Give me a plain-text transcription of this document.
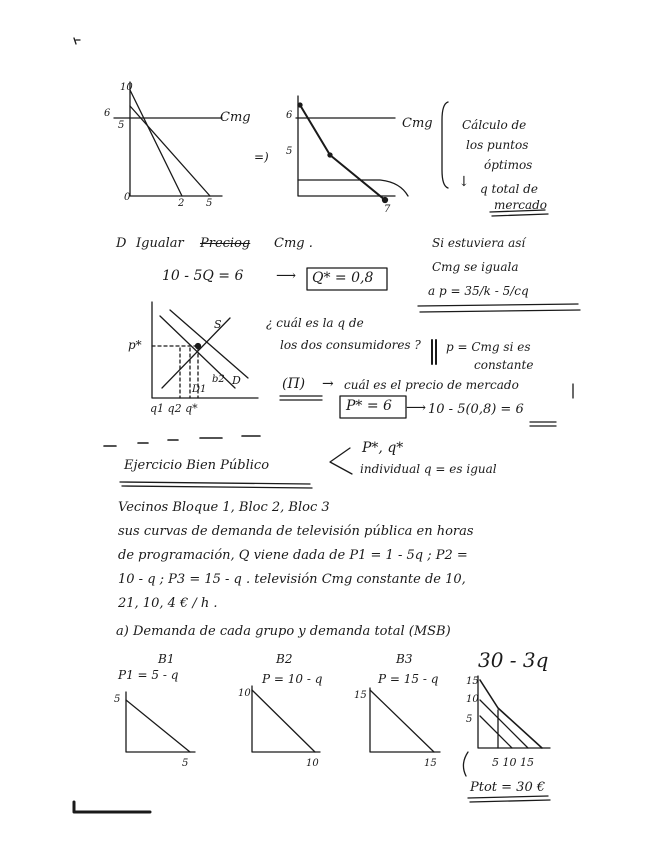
10
6
5
0
2 5
Cmg
=)
6
5
7
Cmg Cálculo de
los puntos
óptimos
↓ q total de
mercado
D Igualar Preciog Cmg .
10 - 5Q = 6 ⟶ Q* = 0,8
Si estuviera así
Cmg se iguala
a p = 35/k - 5/cq
p*
S
b2 D
D1
q1 q2 q*
¿ cuál es la q de
los dos consumidores ? p = Cmg si es
constante
(Π) → cuál es el precio de mercado
P* = 6 ⟶ 10 - 5(0,8) = 6
Ejercicio Bien Público
P*, q*
individual q = es igual
Vecinos Bloque 1, Bloc 2, Bloc 3
sus curvas de demanda de televisión pública en horas
de programación, Q viene dada de P1 = 1 - 5q ; P2 =
10 - q ; P3 = 15 - q . televisión Cmg constante de 10,
21, 10, 4 € / h .
a) Demanda de cada grupo y demanda total (MSB)
B1
P1 = 5 - q
5
5
B2
P = 10 - q
10
10
B3
P = 15 - q
15
15
30 - 3q
15
10
5
5 10 15
Ptot = 30 €
